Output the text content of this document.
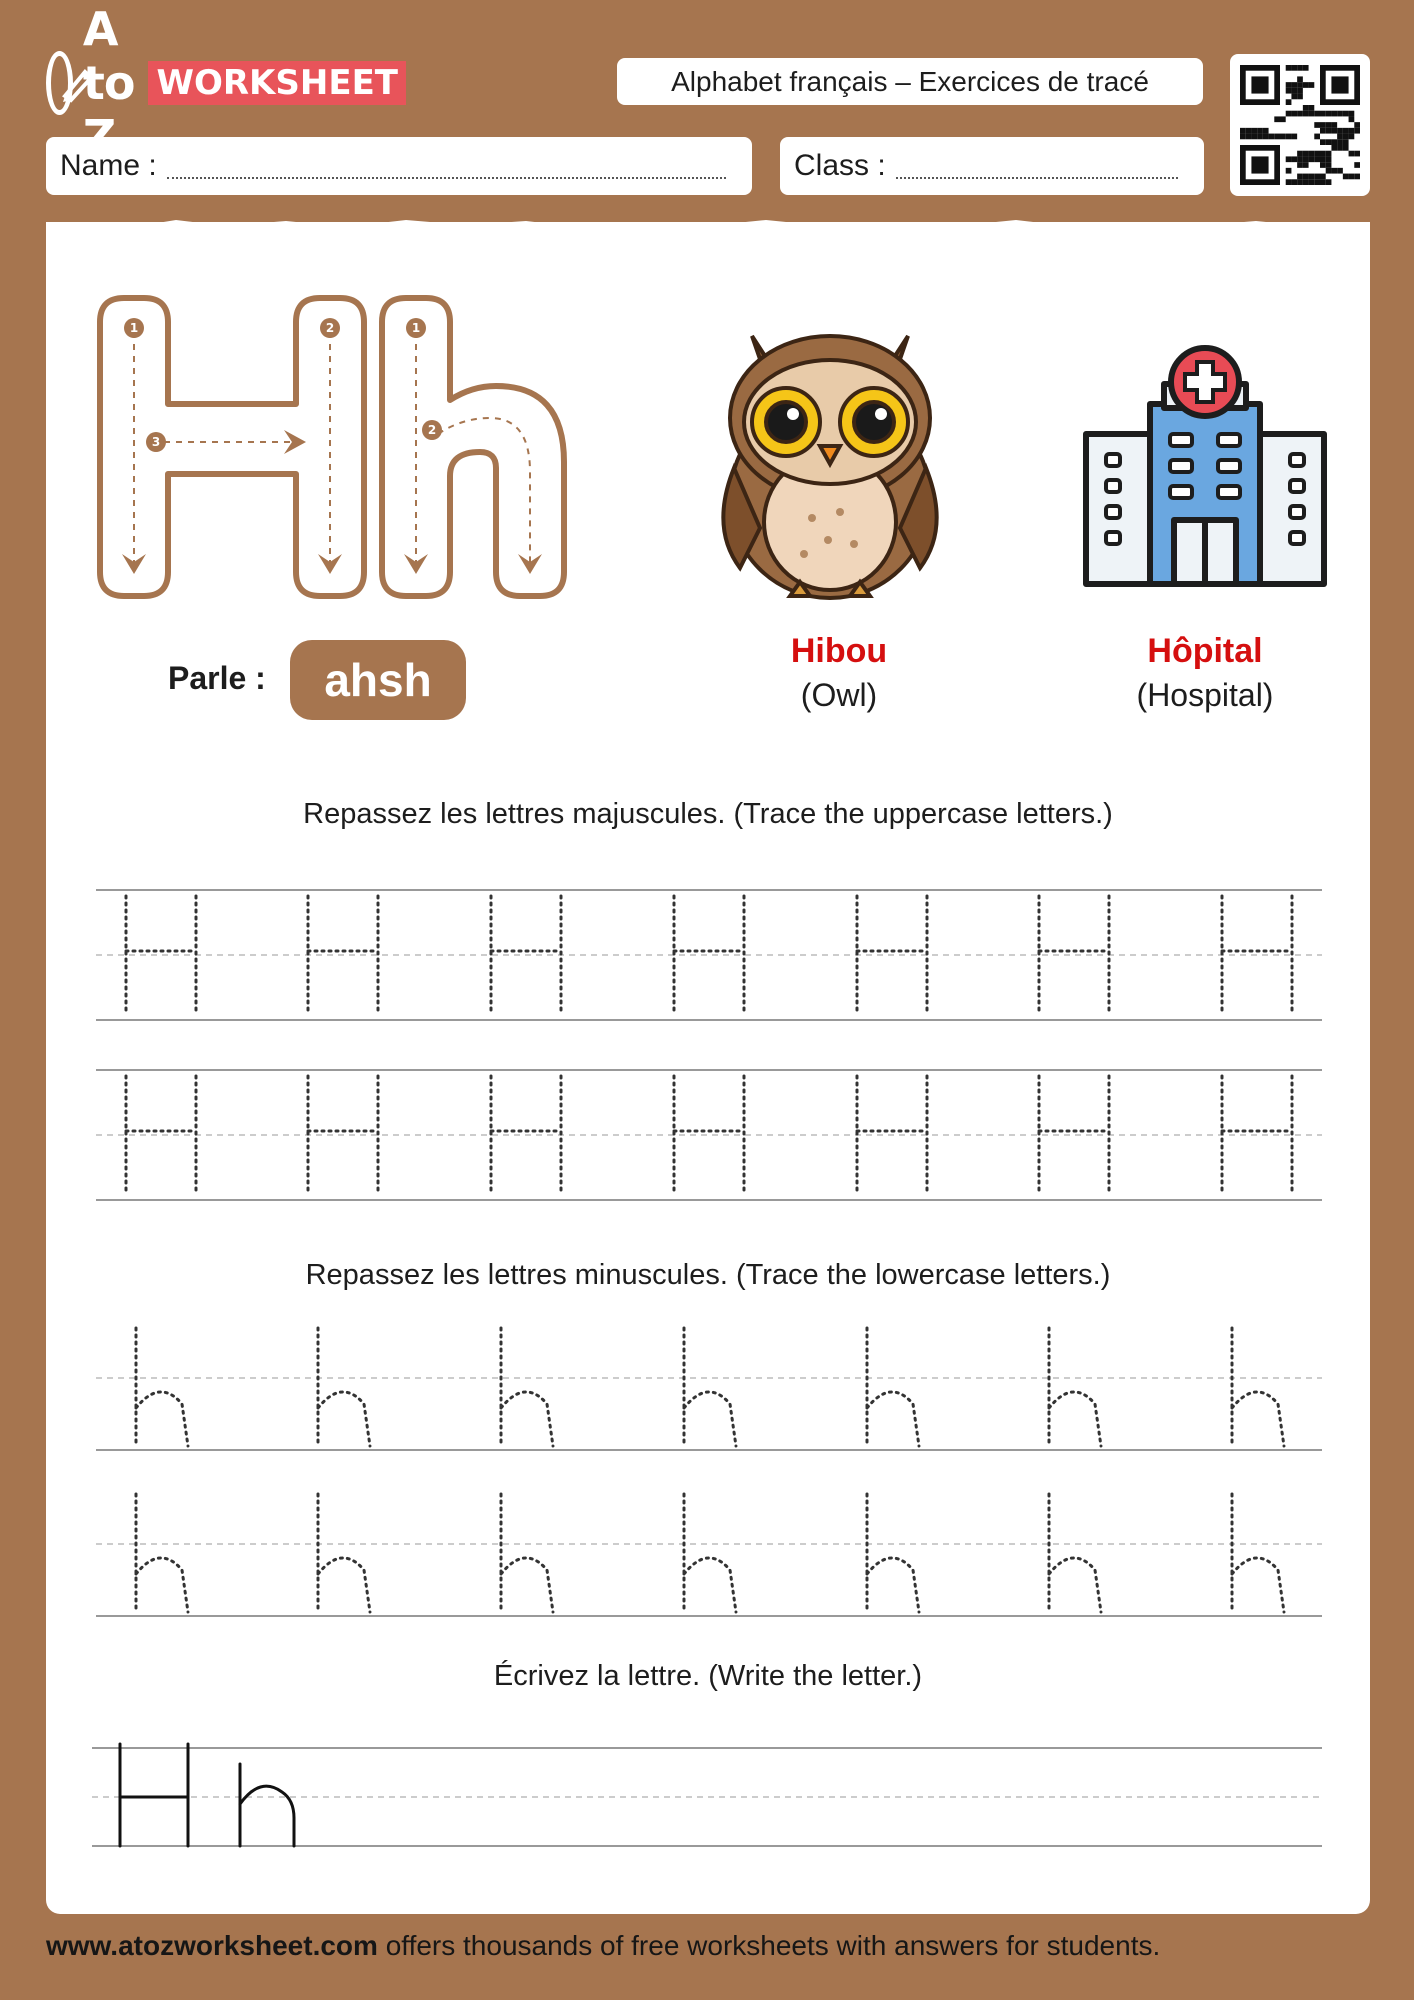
A to WORKSHEET	Alphabet français – Exercices de tracé
Name :	Class :
1	2
3
1
2
Parle :	ahsh
Hibou
(Owl)
Hôpital
(Hospital)
Repassez les lettres majuscules. (Trace the uppercase letters.)
Repassez les lettres minuscules. (Trace the lowercase letters.)
Écrivez la lettre. (Write the letter.)
www.atozworksheet.com offers thousands of free worksheets with answers for students.
